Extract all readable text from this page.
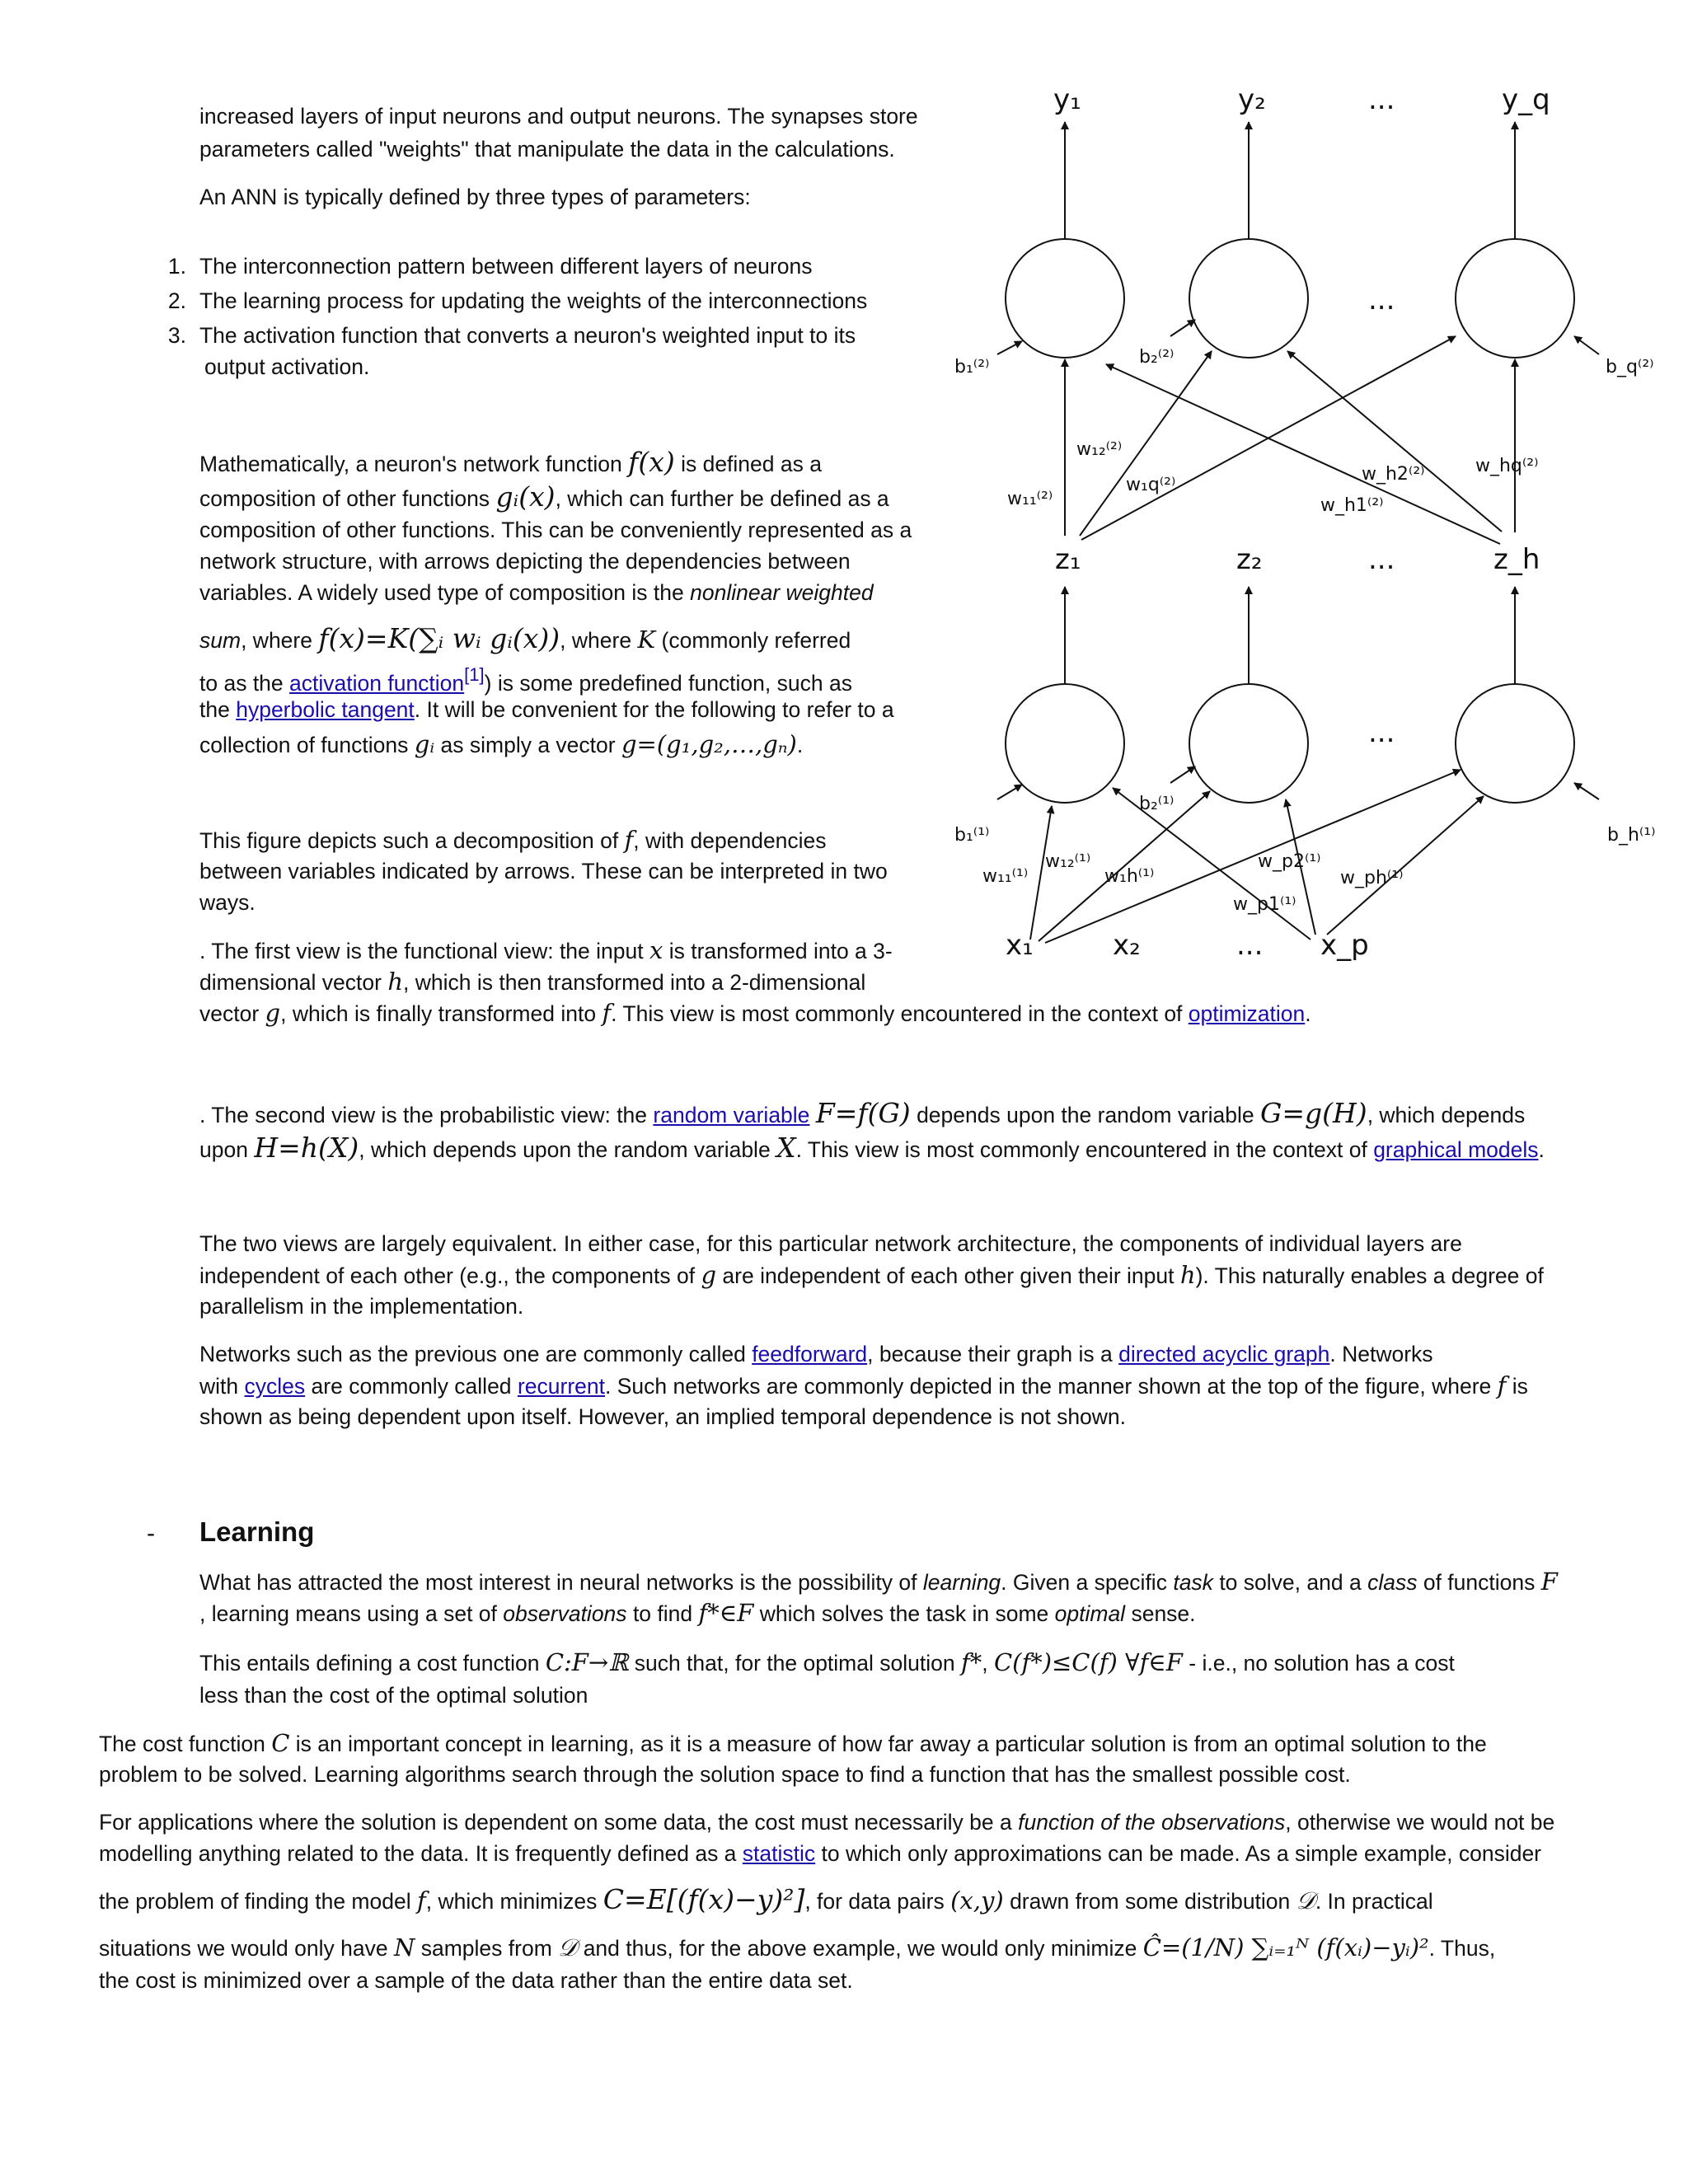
increased layers of input neurons and output neurons. The synapses store

parameters called "weights" that manipulate the data in the calculations.

An ANN is typically defined by three types of parameters:

1. The interconnection pattern between different layers of neurons
2. The learning process for updating the weights of the interconnections
3. The activation function that converts a neuron's weighted input to its
output activation.

Mathematically, a neuron's network function f(x) is defined as a

composition of other functions gᵢ(x), which can further be defined as a

composition of other functions. This can be conveniently represented as a

network structure, with arrows depicting the dependencies between

variables. A widely used type of composition is the nonlinear weighted

sum, where f(x)=K(∑ᵢ wᵢ gᵢ(x)), where K (commonly referred

to as the activation function[1]) is some predefined function, such as

the hyperbolic tangent. It will be convenient for the following to refer to a

collection of functions gᵢ as simply a vector g=(g₁,g₂,…,gₙ).

This figure depicts such a decomposition of f, with dependencies

between variables indicated by arrows. These can be interpreted in two

ways.

. The first view is the functional view: the input x is transformed into a 3-

dimensional vector h, which is then transformed into a 2-dimensional

vector g, which is finally transformed into f. This view is most commonly encountered in the context of optimization.

. The second view is the probabilistic view: the random variable F=f(G) depends upon the random variable G=g(H), which depends

upon H=h(X), which depends upon the random variable X. This view is most commonly encountered in the context of graphical models.

The two views are largely equivalent. In either case, for this particular network architecture, the components of individual layers are

independent of each other (e.g., the components of g are independent of each other given their input h). This naturally enables a degree of

parallelism in the implementation.

Networks such as the previous one are commonly called feedforward, because their graph is a directed acyclic graph. Networks

with cycles are commonly called recurrent. Such networks are commonly depicted in the manner shown at the top of the figure, where f is

shown as being dependent upon itself. However, an implied temporal dependence is not shown.

- Learning

What has attracted the most interest in neural networks is the possibility of learning. Given a specific task to solve, and a class of functions F

, learning means using a set of observations to find f*∈F which solves the task in some optimal sense.

This entails defining a cost function C:F→ℝ such that, for the optimal solution f*, C(f*)≤C(f) ∀f∈F - i.e., no solution has a cost

less than the cost of the optimal solution

The cost function C is an important concept in learning, as it is a measure of how far away a particular solution is from an optimal solution to the

problem to be solved. Learning algorithms search through the solution space to find a function that has the smallest possible cost.

For applications where the solution is dependent on some data, the cost must necessarily be a function of the observations, otherwise we would not be

modelling anything related to the data. It is frequently defined as a statistic to which only approximations can be made. As a simple example, consider

the problem of finding the model f, which minimizes C=E[(f(x)−y)²], for data pairs (x,y) drawn from some distribution 𝒟. In practical

situations we would only have N samples from 𝒟 and thus, for the above example, we would only minimize Ĉ=(1/N) ∑ᵢ₌₁ᴺ (f(xᵢ)−yᵢ)². Thus,

the cost is minimized over a sample of the data rather than the entire data set.

y₁	y₂	...	y_q
...
z₁	z₂	...	z_h
...
x₁	x₂	... x_p
b₁⁽²⁾	b₂⁽²⁾	b_q⁽²⁾
w₁₁⁽²⁾
w₁₂⁽²⁾
w₁q⁽²⁾
w_h2⁽²⁾
w_h1⁽²⁾
w_hq⁽²⁾
b₁⁽¹⁾
b₂⁽¹⁾
b_h⁽¹⁾
w₁₁⁽¹⁾
w₁₂⁽¹⁾
w₁h⁽¹⁾
w_p2⁽¹⁾
w_p1⁽¹⁾
w_ph⁽¹⁾
